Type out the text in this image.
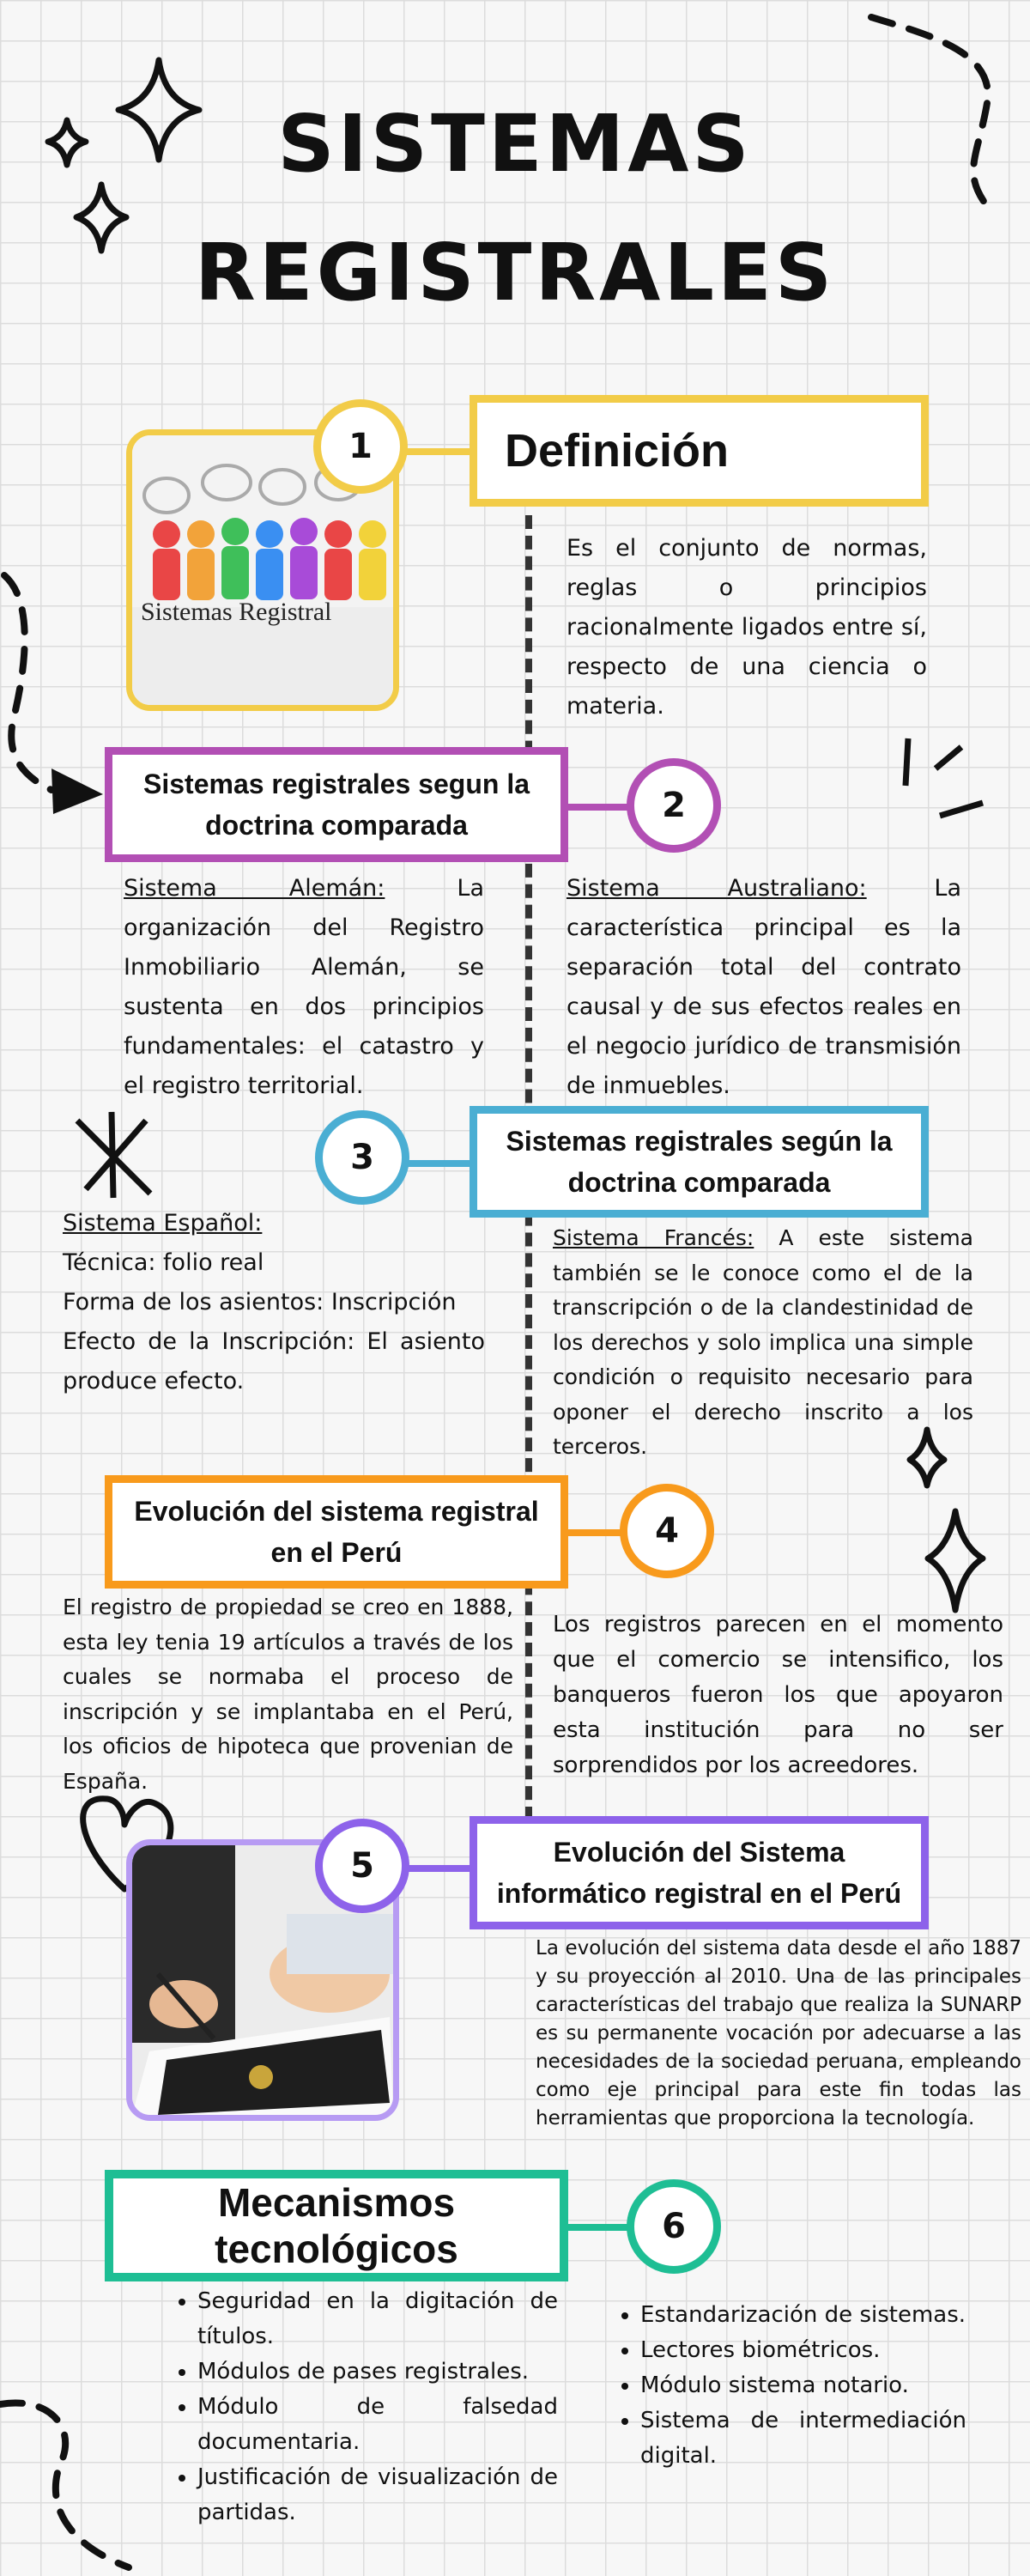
SISTEMAS
REGISTRALES
Sistemas Registral
1	Definición
Es el conjunto de normas, reglas o principios racionalmente ligados entre sí, respecto de una ciencia o materia.
Sistemas registrales segun la doctrina comparada	2
Sistema Alemán: La organización del Registro Inmobiliario Alemán, se sustenta en dos principios fundamentales: el catastro y el registro territorial.
Sistema Australiano: La característica principal es la separación total del contrato causal y de sus efectos reales en el negocio jurídico de transmisión de inmuebles.
3	Sistemas registrales según la doctrina comparada
Sistema Español:
Técnica: folio real
Forma de los asientos: Inscripción
Efecto de la Inscripción: El asiento produce efecto.
Sistema Francés: A este sistema también se le conoce como el de la transcripción o de la clandestinidad de los derechos y solo implica una simple condición o requisito necesario para oponer el derecho inscrito a los terceros.
Evolución del sistema registral en el Perú
4
El registro de propiedad se creo en 1888, esta ley tenia 19 artículos a través de los cuales se normaba el proceso de inscripción y se implantaba en el Perú, los oficios de hipoteca que provenian de España.
Los registros parecen en el momento que el comercio se intensifico, los banqueros fueron los que apoyaron esta institución para no ser sorprendidos por los acreedores.
5	Evolución del Sistema informático registral en el Perú
La evolución del sistema data desde el año 1887 y su proyección al 2010. Una de las principales características del trabajo que realiza la SUNARP es su permanente vocación por adecuarse a las necesidades de la sociedad peruana, empleando como eje principal para este fin todas las herramientas que proporciona la tecnología.
Mecanismos tecnológicos	6
• Seguridad en la digitación de títulos.
• Módulos de pases registrales.
• Módulo de falsedad documentaria.
• Justificación de visualización de partidas.
• Estandarización de sistemas.
• Lectores biométricos.
• Módulo sistema notario.
• Sistema de intermediación digital.
